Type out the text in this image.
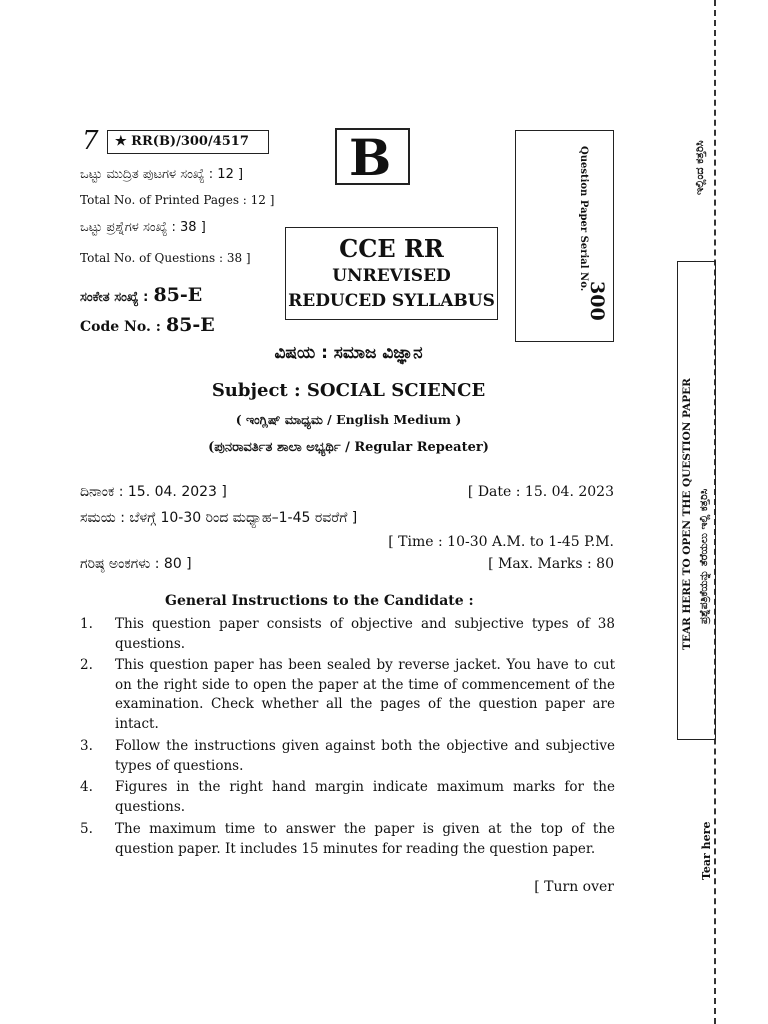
7 ★ RR(B)/300/4517 B
ಒಟ್ಟು ಮುದ್ರಿತ ಪುಟಗಳ ಸಂಖ್ಯೆ : 12 ]
Total No. of Printed Pages : 12 ]
ಒಟ್ಟು ಪ್ರಶ್ನೆಗಳ ಸಂಖ್ಯೆ : 38 ]
Total No. of Questions : 38 ]
ಸಂಕೇತ ಸಂಖ್ಯೆ : 85-E
Code No. : 85-E
CCE RR
UNREVISED
REDUCED SYLLABUS
Question Paper Serial No.
300
ವಿಷಯ : ಸಮಾಜ ವಿಜ್ಞಾನ
Subject : SOCIAL SCIENCE
( ಇಂಗ್ಲಿಷ್ ಮಾಧ್ಯಮ / English Medium )
(ಪುನರಾವರ್ತಿತ ಶಾಲಾ ಅಭ್ಯರ್ಥಿ / Regular Repeater)
ದಿನಾಂಕ : 15. 04. 2023 ]	[ Date : 15. 04. 2023
ಸಮಯ : ಬೆಳಗ್ಗೆ 10-30 ರಿಂದ ಮಧ್ಯಾಹ–1-45 ರವರೆಗೆ ]
[ Time : 10-30 A.M. to 1-45 P.M.
ಗರಿಷ್ಠ ಅಂಕಗಳು : 80 ]	[ Max. Marks : 80
General Instructions to the Candidate :
1. This question paper consists of objective and subjective types of 38 questions.
2. This question paper has been sealed by reverse jacket. You have to cut on the right side to open the paper at the time of commencement of the examination. Check whether all the pages of the question paper are intact.
3. Follow the instructions given against both the objective and subjective types of questions.
4. Figures in the right hand margin indicate maximum marks for the questions.
5. The maximum time to answer the paper is given at the top of the question paper. It includes 15 minutes for reading the question paper.
[ Turn over
ಇಲ್ಲಿಂದ ಕತ್ತರಿಸಿ
TEAR HERE TO OPEN THE QUESTION PAPER ಪ್ರಶ್ನೆಪತ್ರಿಕೆಯನ್ನು ತೆರೆಯಲು ಇಲ್ಲಿ ಕತ್ತರಿಸಿ
Tear here
